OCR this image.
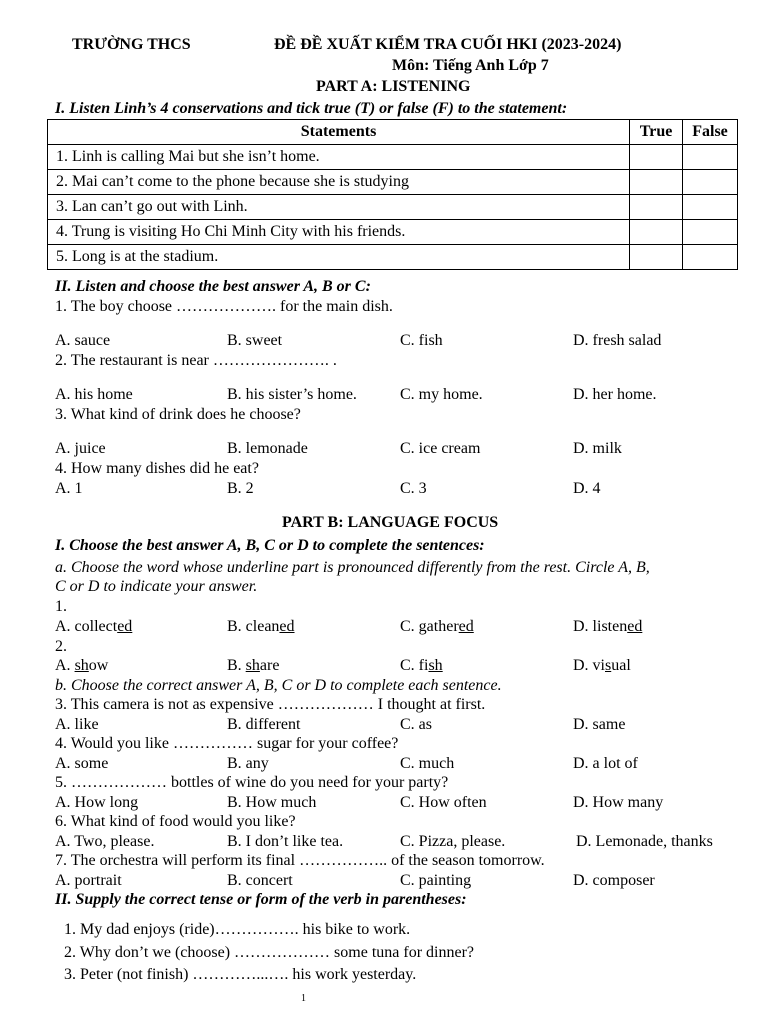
TRƯỜNG THCS	ĐỀ ĐỀ XUẤT KIỂM TRA CUỐI HKI (2023-2024)
Môn: Tiếng Anh Lớp 7
PART A: LISTENING
I. Listen Linh’s 4 conservations and tick true (T) or false (F) to the statement:
Statements	True	False
1. Linh is calling Mai but she isn’t home.		
2. Mai can’t come to the phone because she is studying		
3. Lan can’t go out with Linh.		
4. Trung is visiting Ho Chi Minh City with his friends.		
5. Long is at the stadium.		
II. Listen and choose the best answer A, B or C:
1. The boy choose ………………. for the main dish.
A. sauce	B. sweet	C. fish	D. fresh salad
2. The restaurant is near …………………. .
A. his home	B. his sister’s home.	C. my home.	D. her home.
3. What kind of drink does he choose?
A. juice	B. lemonade	C. ice cream	D. milk
4. How many dishes did he eat?
A. 1	B. 2	C. 3	D. 4
PART B: LANGUAGE FOCUS
I. Choose the best answer A, B, C or D to complete the sentences:
a. Choose the word whose underline part is pronounced differently from the rest. Circle A, B,
C or D to indicate your answer.
1.
A. collected	B. cleaned	C. gathered	D. listened
2.
A. show	B. share	C. fish	D. visual
b. Choose the correct answer A, B, C or D to complete each sentence.
3. This camera is not as expensive ……………… I thought at first.
A. like	B. different	C. as	D. same
4. Would you like …………… sugar for your coffee?
A. some	B. any	C. much	D. a lot of
5. ……………… bottles of wine do you need for your party?
A. How long	B. How much	C. How often	D. How many
6. What kind of food would you like?
A. Two, please.	B. I don’t like tea.	C. Pizza, please.	D. Lemonade, thanks
7. The orchestra will perform its final …………….. of the season tomorrow.
A. portrait	B. concert	C. painting	D. composer
II. Supply the correct tense or form of the verb in parentheses:
1. My dad enjoys (ride)……………. his bike to work.
2. Why don’t we (choose) ……………… some tuna for dinner?
3. Peter (not finish) …………...…. his work yesterday.
1
